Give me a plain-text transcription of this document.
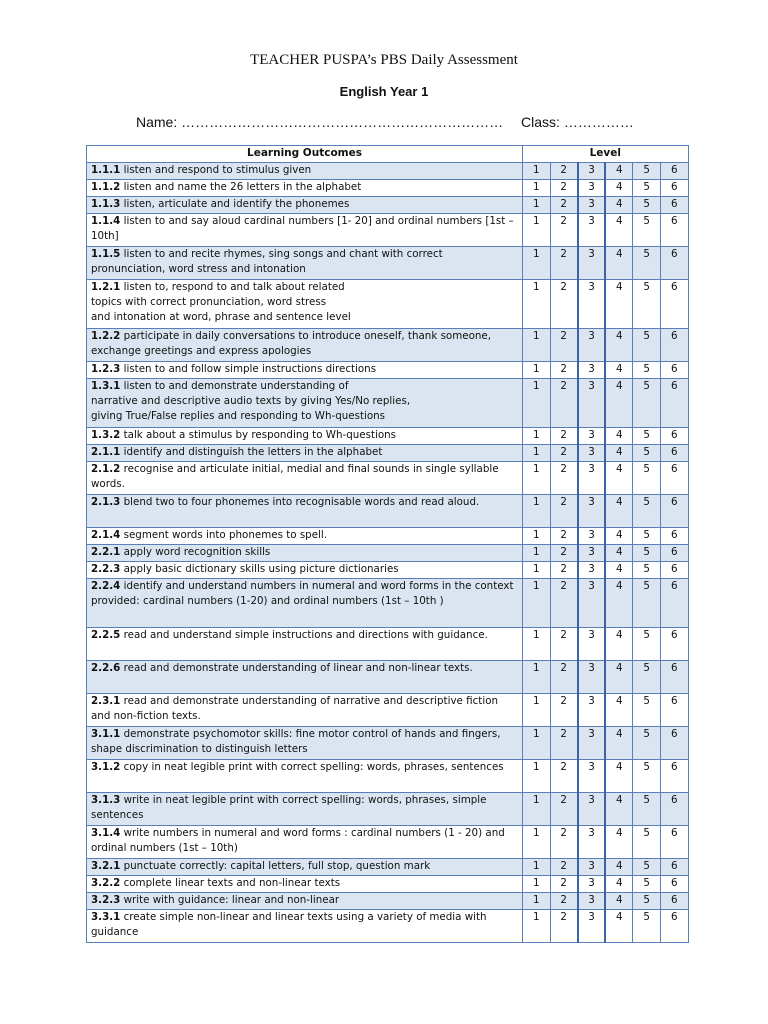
TEACHER PUSPA’s PBS Daily Assessment
English Year 1
Name: …………………………………………………………… Class: ……………
Learning Outcomes	Level					
1.1.1 listen and respond to stimulus given	1	2	3	4	5	6
1.1.2 listen and name the 26 letters in the alphabet	1	2	3	4	5	6
1.1.3 listen, articulate and identify the phonemes	1	2	3	4	5	6
1.1.4 listen to and say aloud cardinal numbers [1- 20] and ordinal numbers [1st – 10th]	1	2	3	4	5	6
1.1.5 listen to and recite rhymes, sing songs and chant with correct pronunciation, word stress and intonation	1	2	3	4	5	6
1.2.1 listen to, respond to and talk about related
topics with correct pronunciation, word stress
and intonation at word, phrase and sentence level	1	2	3	4	5	6
1.2.2 participate in daily conversations to introduce oneself, thank someone, exchange greetings and express apologies	1	2	3	4	5	6
1.2.3 listen to and follow simple instructions directions	1	2	3	4	5	6
1.3.1 listen to and demonstrate understanding of
narrative and descriptive audio texts by giving Yes/No replies,
giving True/False replies and responding to Wh-questions	1	2	3	4	5	6
1.3.2 talk about a stimulus by responding to Wh-questions	1	2	3	4	5	6
2.1.1 identify and distinguish the letters in the alphabet	1	2	3	4	5	6
2.1.2 recognise and articulate initial, medial and final sounds in single syllable words.	1	2	3	4	5	6
2.1.3 blend two to four phonemes into recognisable words and read aloud.	1	2	3	4	5	6
2.1.4 segment words into phonemes to spell.	1	2	3	4	5	6
2.2.1 apply word recognition skills	1	2	3	4	5	6
2.2.3 apply basic dictionary skills using picture dictionaries	1	2	3	4	5	6
2.2.4 identify and understand numbers in numeral and word forms in the context provided: cardinal numbers (1-20) and ordinal numbers (1st – 10th )	1	2	3	4	5	6
2.2.5 read and understand simple instructions and directions with guidance.	1	2	3	4	5	6
2.2.6 read and demonstrate understanding of linear and non-linear texts.	1	2	3	4	5	6
2.3.1 read and demonstrate understanding of narrative and descriptive fiction and non-fiction texts.	1	2	3	4	5	6
3.1.1 demonstrate psychomotor skills: fine motor control of hands and fingers, shape discrimination to distinguish letters	1	2	3	4	5	6
3.1.2 copy in neat legible print with correct spelling: words, phrases, sentences	1	2	3	4	5	6
3.1.3 write in neat legible print with correct spelling: words, phrases, simple sentences	1	2	3	4	5	6
3.1.4 write numbers in numeral and word forms : cardinal numbers (1 - 20) and ordinal numbers (1st – 10th)	1	2	3	4	5	6
3.2.1 punctuate correctly: capital letters, full stop, question mark	1	2	3	4	5	6
3.2.2 complete linear texts and non-linear texts	1	2	3	4	5	6
3.2.3 write with guidance: linear and non-linear	1	2	3	4	5	6
3.3.1 create simple non-linear and linear texts using a variety of media with guidance	1	2	3	4	5	6
